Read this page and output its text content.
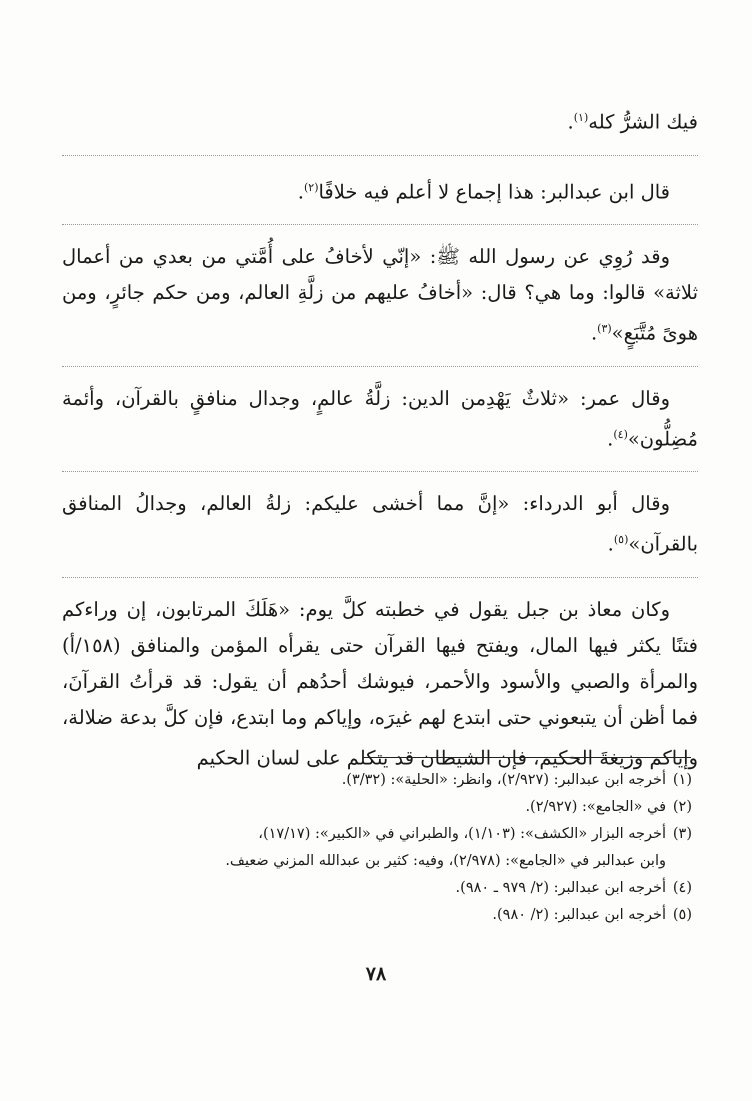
فيك الشرُّ كله$^{(١)}$.

قال ابن عبدالبر: هذا إجماع لا أعلم فيه خلافًا$^{(٢)}$.

وقد رُوِي عن رسول الله ﷺ: «إنّي لأخافُ على أُمَّتي من بعدي من أعمال ثلاثة» قالوا: وما هي؟ قال: «أخافُ عليهم من زلَّةِ العالم، ومن حكم جائرٍ، ومن هوىً مُتَّبَعٍ»$^{(٣)}$.

وقال عمر: «ثلاثٌ يَهْدِمن الدين: زلَّةُ عالمٍ، وجدال منافقٍ بالقرآن، وأئمة مُضِلُّون»$^{(٤)}$.

وقال أبو الدرداء: «إنَّ مما أخشى عليكم: زلةُ العالم، وجدالُ المنافق بالقرآن»$^{(٥)}$.

وكان معاذ بن جبل يقول في خطبته كلَّ يوم: «هَلَكَ المرتابون، إن وراءكم فتنًا يكثر فيها المال، ويفتح فيها القرآن حتى يقرأه المؤمن والمنافق (١٥٨/أ) والمرأة والصبي والأسود والأحمر، فيوشك أحدُهم أن يقول: قد قرأتُ القرآنَ، فما أظن أن يتبعوني حتى ابتدع لهم غيرَه، وإياكم وما ابتدع، فإن كلَّ بدعة ضلالة، وإياكم وزيغةَ الحكيم، فإن الشيطان قد يتكلم على لسان الحكيم

(١)أخرجه ابن عبدالبر: (٢/٩٢٧)، وانظر: «الحلية»: (٣/٣٢).

(٢)في «الجامع»: (٢/٩٢٧).

(٣)أخرجه البزار «الكشف»: (١/١٠٣)، والطبراني في «الكبير»: (١٧/١٧)،

وابن عبدالبر في «الجامع»: (٢/٩٧٨)، وفيه: كثير بن عبدالله المزني ضعيف.

(٤)أخرجه ابن عبدالبر: (٢/ ٩٧٩ ـ ٩٨٠).

(٥)أخرجه ابن عبدالبر: (٢/ ٩٨٠).

٧٨
